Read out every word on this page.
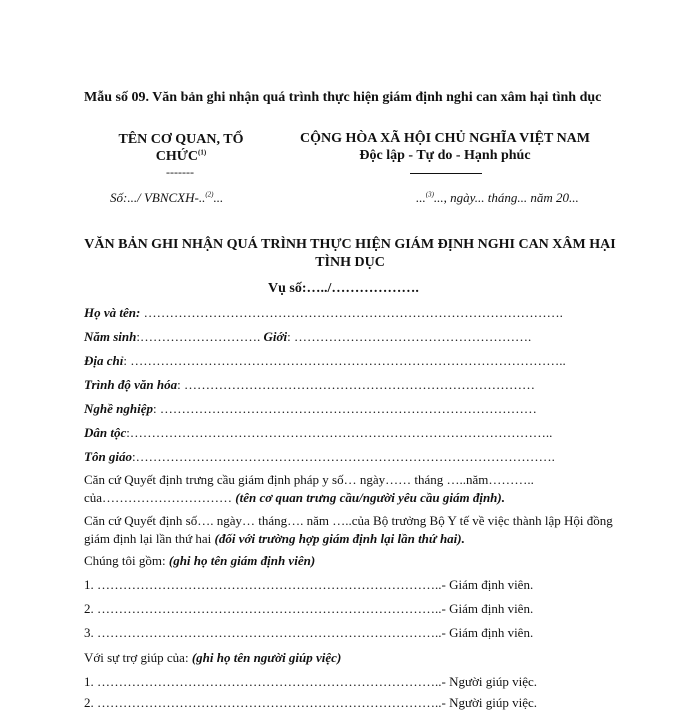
Mẫu số 09. Văn bản ghi nhận quá trình thực hiện giám định nghi can xâm hại tình dục
TÊN CƠ QUAN, TỔ CHỨC$^{(1)}$
-------
CỘNG HÒA XÃ HỘI CHỦ NGHĨA VIỆT NAM
Độc lập - Tự do - Hạnh phúc
Số:.../ VBNCXH-..$^{(2)}$...	...$^{(3)}$..., ngày... tháng... năm 20...
VĂN BẢN GHI NHẬN QUÁ TRÌNH THỰC HIỆN GIÁM ĐỊNH NGHI CAN XÂM HẠI TÌNH DỤC
Vụ số:…../……………….
Họ và tên: …………………………………………………………………………………….
Năm sinh:………………………. Giới: ……………………………………………….
Địa chỉ: ………………………………………………………………………………………..
Trình độ văn hóa: ………………………………………………………………………
Nghề nghiệp: ……………………………………………………………………………
Dân tộc:……………………………………………………………………………………..
Tôn giáo:…………………………………………………………………………………….
Căn cứ Quyết định trưng cầu giám định pháp y số… ngày…… tháng …..năm……….. của………………………… (tên cơ quan trưng cầu/người yêu cầu giám định).
Căn cứ Quyết định số…. ngày… tháng…. năm …..của Bộ trưởng Bộ Y tế về việc thành lập Hội đồng giám định lại lần thứ hai (đối với trường hợp giám định lại lần thứ hai).
Chúng tôi gồm: (ghi họ tên giám định viên)
1. ……………………………………………………………………..- Giám định viên.
2. ……………………………………………………………………..- Giám định viên.
3. ……………………………………………………………………..- Giám định viên.
Với sự trợ giúp của: (ghi họ tên người giúp việc)
1. ……………………………………………………………………..- Người giúp việc.
2. ……………………………………………………………………..- Người giúp việc.
